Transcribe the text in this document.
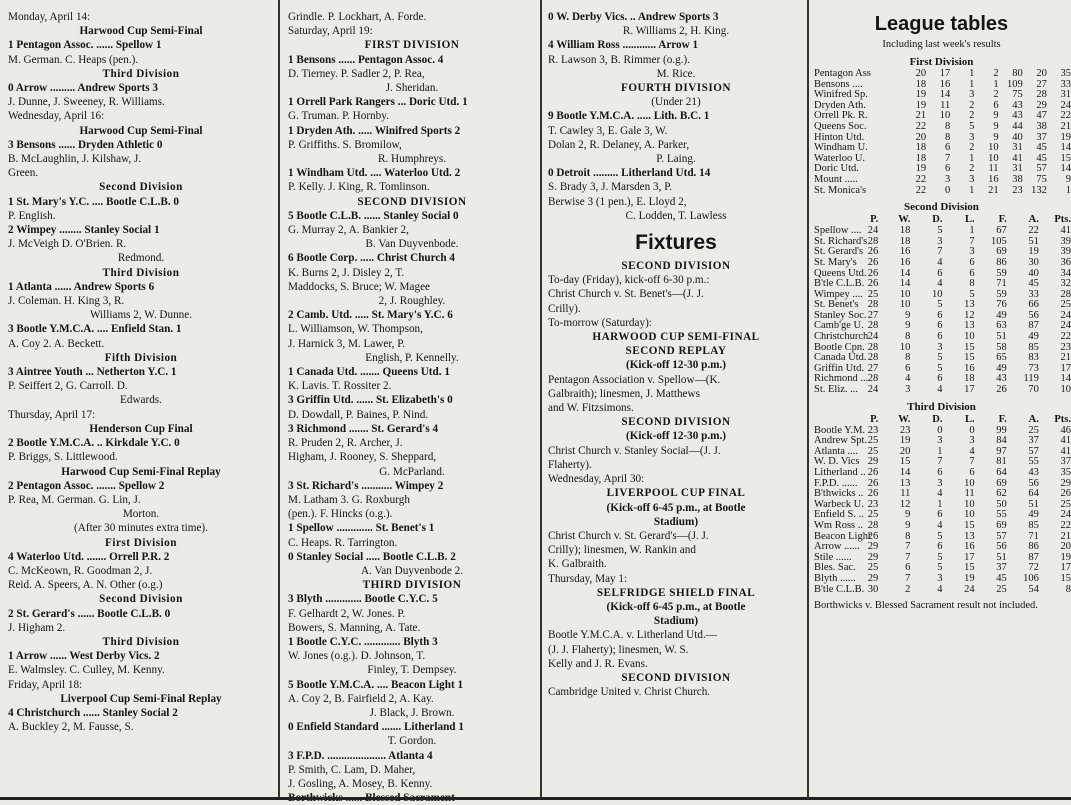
Monday, April 14:
Harwood Cup Semi-Final
1 Pentagon Assoc. ...... Spellow 1
M. German. C. Heaps (pen.).
Third Division
0 Arrow ......... Andrew Sports 3
J. Dunne, J. Sweeney, R. Williams.
Wednesday, April 16:
Harwood Cup Semi-Final
3 Bensons ...... Dryden Athletic 0
B. McLaughlin, J. Kilshaw, J.
Green.
Second Division
1 St. Mary's Y.C. .... Bootle C.L.B. 0
P. English.
2 Wimpey ........ Stanley Social 1
J. McVeigh D. O'Brien. R.
Redmond.
Third Division
1 Atlanta ...... Andrew Sports 6
J. Coleman. H. King 3, R.
Williams 2, W. Dunne.
3 Bootle Y.M.C.A. .... Enfield Stan. 1
A. Coy 2. A. Beckett.
Fifth Division
3 Aintree Youth ... Netherton Y.C. 1
P. Seiffert 2, G. Carroll. D.
Edwards.
Thursday, April 17:
Henderson Cup Final
2 Bootle Y.M.C.A. .. Kirkdale Y.C. 0
P. Briggs, S. Littlewood.
Harwood Cup Semi-Final Replay
2 Pentagon Assoc. ....... Spellow 2
P. Rea, M. German. G. Lin, J.
Morton.
(After 30 minutes extra time).
First Division
4 Waterloo Utd. ....... Orrell P.R. 2
C. McKeown, R. Goodman 2, J.
Reid. A. Speers, A. N. Other (o.g.)
Second Division
2 St. Gerard's ...... Bootle C.L.B. 0
J. Higham 2.
Third Division
1 Arrow ...... West Derby Vics. 2
E. Walmsley. C. Culley, M. Kenny.
Friday, April 18:
Liverpool Cup Semi-Final Replay
4 Christchurch ...... Stanley Social 2
A. Buckley 2, M. Fausse, S.
Grindle. P. Lockhart, A. Forde.
Saturday, April 19:
FIRST DIVISION
1 Bensons ...... Pentagon Assoc. 4
D. Tierney. P. Sadler 2, P. Rea,
J. Sheridan.
1 Orrell Park Rangers ... Doric Utd. 1
G. Truman. P. Hornby.
1 Dryden Ath. ..... Winifred Sports 2
P. Griffiths. S. Bromilow,
R. Humphreys.
1 Windham Utd. .... Waterloo Utd. 2
P. Kelly. J. King, R. Tomlinson.
SECOND DIVISION
5 Bootle C.L.B. ...... Stanley Social 0
G. Murray 2, A. Bankier 2,
B. Van Duyvenbode.
6 Bootle Corp. ..... Christ Church 4
K. Burns 2, J. Disley 2, T.
Maddocks, S. Bruce; W. Magee
2, J. Roughley.
2 Camb. Utd. ..... St. Mary's Y.C. 6
L. Williamson, W. Thompson,
J. Harnick 3, M. Lawer, P.
English, P. Kennelly.
1 Canada Utd. ....... Queens Utd. 1
K. Lavis. T. Rossiter 2.
3 Griffin Utd. ...... St. Elizabeth's 0
D. Dowdall, P. Baines, P. Nind.
3 Richmond ....... St. Gerard's 4
R. Pruden 2, R. Archer, J.
Higham, J. Rooney, S. Sheppard,
G. McParland.
3 St. Richard's ........... Wimpey 2
M. Latham 3. G. Roxburgh
(pen.). F. Hincks (o.g.).
1 Spellow ............. St. Benet's 1
C. Heaps. R. Tarrington.
0 Stanley Social ..... Bootle C.L.B. 2
A. Van Duyvenbode 2.
THIRD DIVISION
3 Blyth ............. Bootle C.Y.C. 5
F. Gelhardt 2, W. Jones. P.
Bowers, S. Manning, A. Tate.
1 Bootle C.Y.C. ............. Blyth 3
W. Jones (o.g.). D. Johnson, T.
Finley, T. Dempsey.
5 Bootle Y.M.C.A. .... Beacon Light 1
A. Coy 2, B. Fairfield 2, A. Kay.
J. Black, J. Brown.
0 Enfield Standard ....... Litherland 1
T. Gordon.
3 F.P.D. ..................... Atlanta 4
P. Smith, C. Lam, D. Maher,
J. Gosling, A. Mosey, B. Kenny.
0 W. Derby Vics. .. Andrew Sports 3
R. Williams 2, H. King.
4 William Ross ............ Arrow 1
R. Lawson 3, B. Rimmer (o.g.).
M. Rice.
FOURTH DIVISION
(Under 21)
9 Bootle Y.M.C.A. ..... Lith. B.C. 1
T. Cawley 3, E. Gale 3, W.
Dolan 2, R. Delaney, A. Parker,
P. Laing.
0 Detroit ......... Litherland Utd. 14
S. Brady 3, J. Marsden 3, P.
Berwise 3 (1 pen.), E. Lloyd 2,
C. Lodden, T. Lawless
Fixtures
SECOND DIVISION
To-day (Friday), kick-off 6-30 p.m.:
Christ Church v. St. Benet's—(J. J.
Crilly).
To-morrow (Saturday):
HARWOOD CUP SEMI-FINAL
SECOND REPLAY
(Kick-off 12-30 p.m.)
Pentagon Association v. Spellow—(K.
Galbraith); linesmen, J. Matthews
and W. Fitzsimons.
SECOND DIVISION
(Kick-off 12-30 p.m.)
Christ Church v. Stanley Social—(J. J.
Flaherty).
Wednesday, April 30:
LIVERPOOL CUP FINAL
(Kick-off 6-45 p.m., at Bootle
Stadium)
Christ Church v. St. Gerard's—(J. J.
Crilly); linesmen, W. Rankin and
K. Galbraith.
Thursday, May 1:
SELFRIDGE SHIELD FINAL
(Kick-off 6-45 p.m., at Bootle
Stadium)
Bootle Y.M.C.A. v. Litherland Utd.—
(J. J. Flaherty); linesmen, W. S.
Kelly and J. R. Evans.
SECOND DIVISION
Cambridge United v. Christ Church.
League tables
Including last week's results
First Division
Pentagon Ass	20	17	1	2	80	20	35
Bensons ....	18	16	1	1	109	27	33
Winifred Sp.	19	14	3	2	75	28	31
Dryden Ath.	19	11	2	6	43	29	24
Orrell Pk. R.	21	10	2	9	43	47	22
Queens Soc.	22	8	5	9	44	38	21
Hinton Utd.	20	8	3	9	40	37	19
Windham U.	18	6	2	10	31	45	14
Waterloo U.	18	7	1	10	41	45	15
Doric Utd.	19	6	2	11	31	57	14
Mount .....	22	3	3	16	38	75	9
St. Monica's	22	0	1	21	23	132	1
Second Division
	P.	W.	D.	L.	F.	A.	Pts.
Spellow ....	24	18	5	1	67	22	41
St. Richard's	28	18	3	7	105	51	39
St. Gerard's	26	16	7	3	69	19	39
St. Mary's	26	16	4	6	86	30	36
Queens Utd.	26	14	6	6	59	40	34
B'tle C.L.B.	26	14	4	8	71	45	32
Wimpey ....	25	10	10	5	59	33	28
St. Benet's	28	10	5	13	76	66	25
Stanley Soc.	27	9	6	12	49	56	24
Camb'ge U.	28	9	6	13	63	87	24
Christchurch	24	8	6	10	51	49	22
Bootle Cpn.	28	10	3	15	58	85	23
Canada Utd.	28	8	5	15	65	83	21
Griffin Utd.	27	6	5	16	49	73	17
Richmond ...	28	4	6	18	43	119	14
St. Eliz. ...	24	3	4	17	26	70	10
Third Division
	P.	W.	D.	L.	F.	A.	Pts.
Bootle Y.M.	23	23	0	0	99	25	46
Andrew Spt.	25	19	3	3	84	37	41
Atlanta ....	25	20	1	4	97	57	41
W. D. Vics	29	15	7	7	81	55	37
Litherland ..	26	14	6	6	64	43	35
F.P.D. ......	26	13	3	10	69	56	29
B'thwicks ..	26	11	4	11	62	64	26
Warbeck U.	23	12	1	10	50	51	25
Enfield S. ..	25	9	6	10	55	49	24
Wm Ross ..	28	9	4	15	69	85	22
Beacon Light	26	8	5	13	57	71	21
Arrow ......	29	7	6	16	56	86	20
Stile ......	29	7	5	17	51	87	19
Bles. Sac.	25	6	5	15	37	72	17
Blyth ......	29	7	3	19	45	106	15
B'tle C.L.B.	30	2	4	24	25	54	8
Borthwicks v. Blessed Sacrament result not included.
